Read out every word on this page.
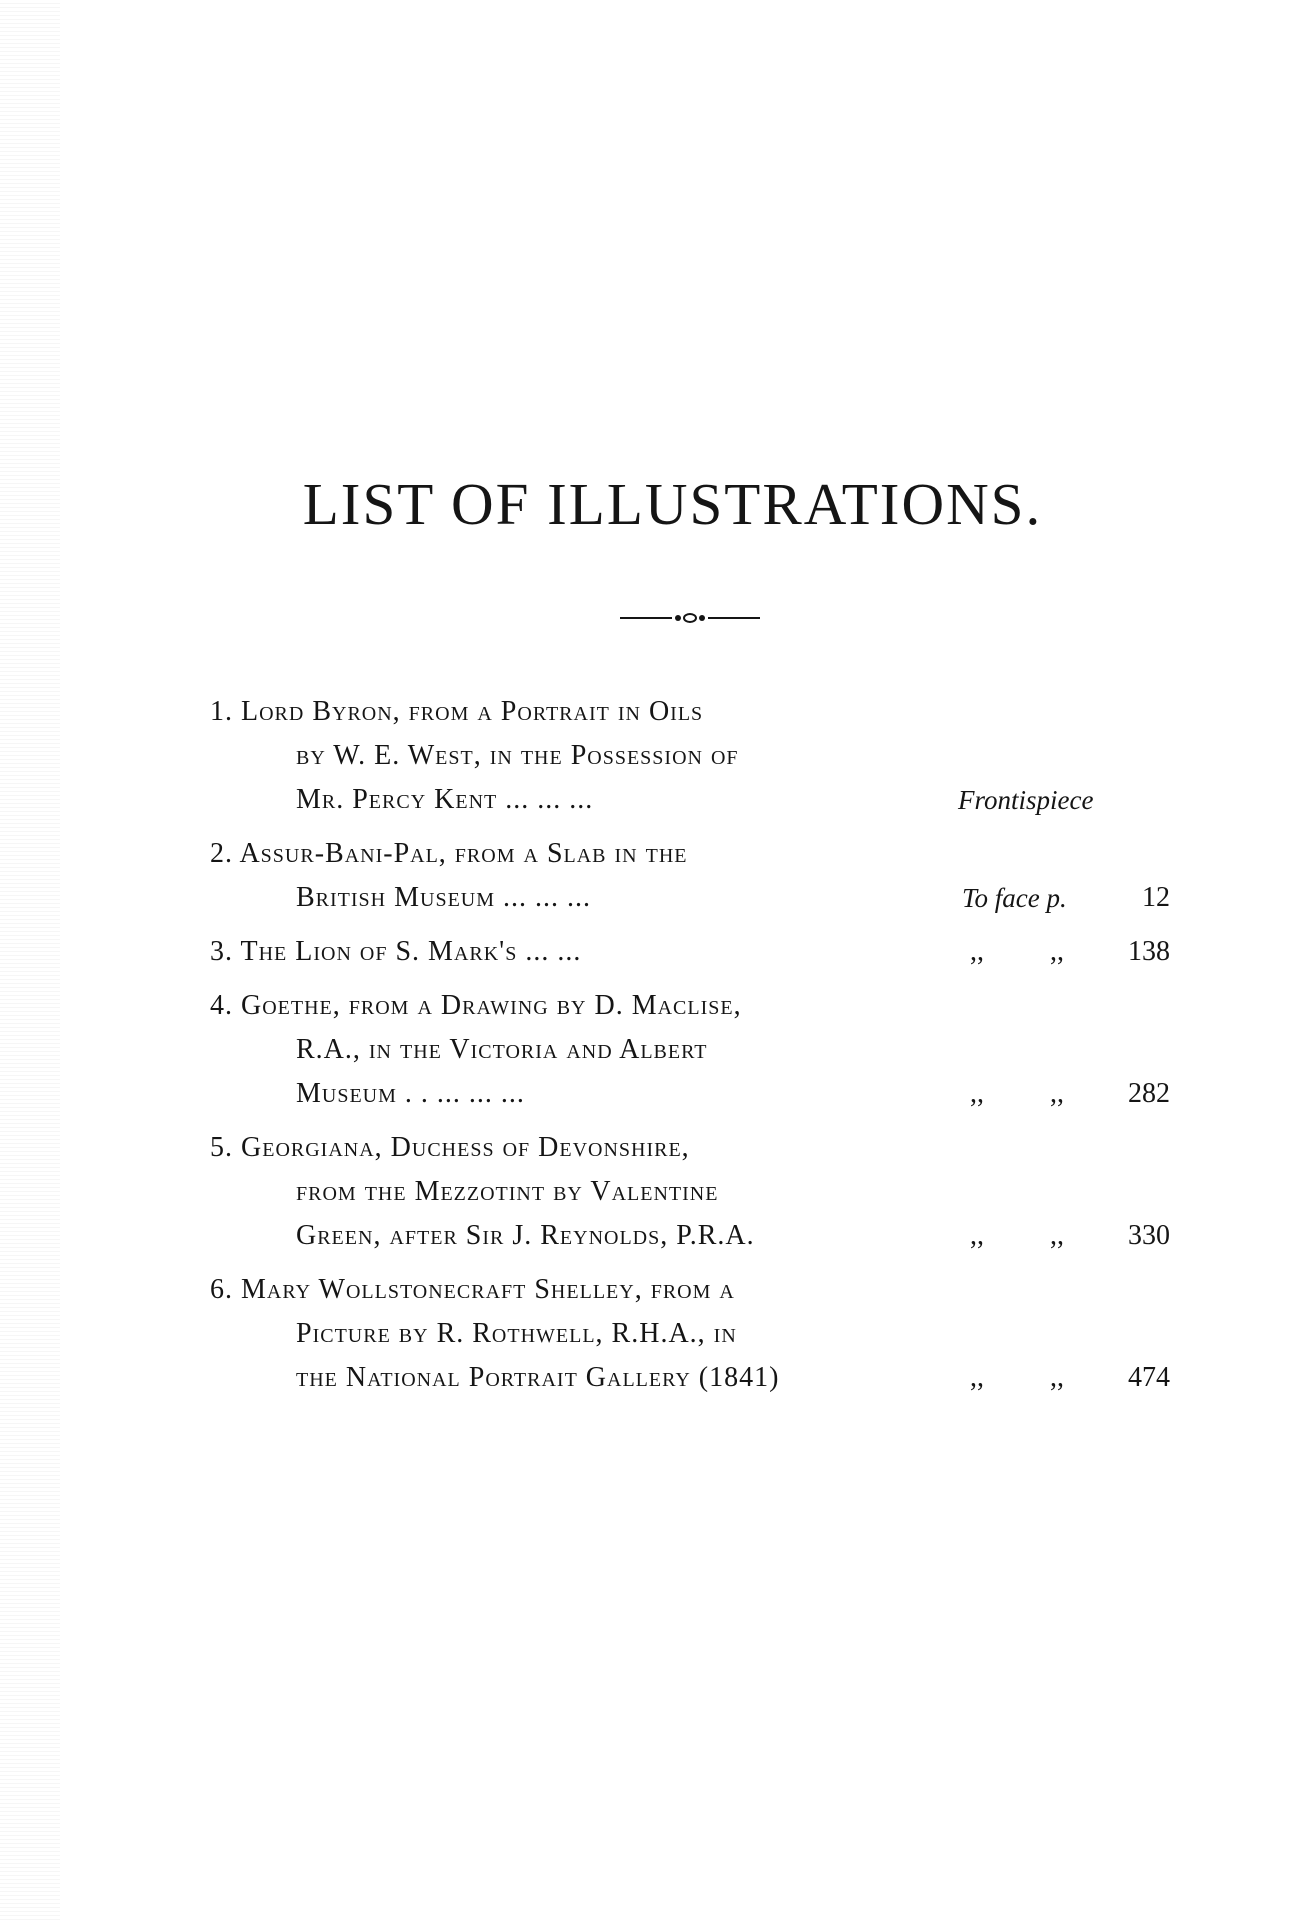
LIST OF ILLUSTRATIONS.
1. Lord Byron, from a Portrait in Oils
by W. E. West, in the Possession of
Mr. Percy Kent ... ... ...	Frontispiece
2. Assur-Bani-Pal, from a Slab in the
British Museum ... ... ...	To face p.	12
3. The Lion of S. Mark's ... ...	,, ,, 138
4. Goethe, from a Drawing by D. Maclise,
R.A., in the Victoria and Albert
Museum . . ... ... ...	,, ,, 282
5. Georgiana, Duchess of Devonshire,
from the Mezzotint by Valentine
Green, after Sir J. Reynolds, P.R.A.	,, ,, 330
6. Mary Wollstonecraft Shelley, from a
Picture by R. Rothwell, R.H.A., in
the National Portrait Gallery (1841)	,, ,, 474
